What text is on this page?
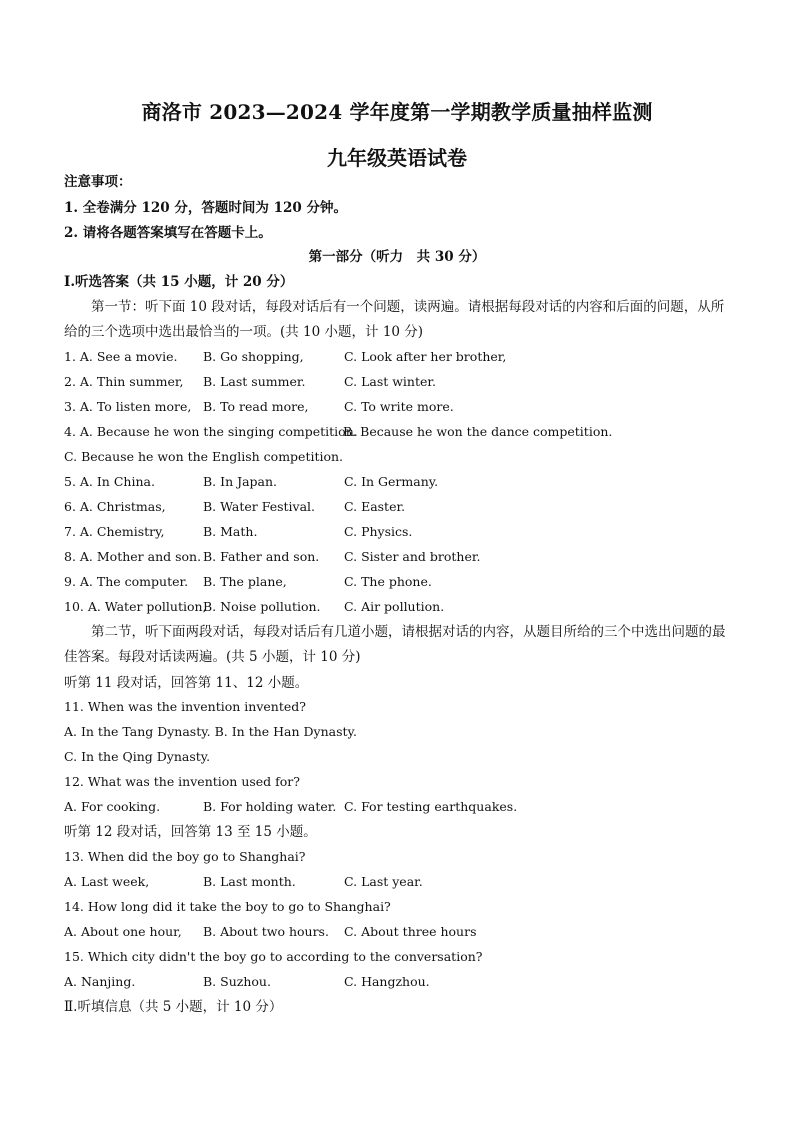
商洛市 2023—2024 学年度第一学期教学质量抽样监测
九年级英语试卷
注意事项：
1. 全卷满分 120 分，答题时间为 120 分钟。
2. 请将各题答案填写在答题卡上。
第一部分（听力　共 30 分）
Ⅰ.听选答案（共 15 小题，计 20 分）
第一节：听下面 10 段对话，每段对话后有一个问题，读两遍。请根据每段对话的内容和后面的问题，从所给的三个选项中选出最恰当的一项。(共 10 小题，计 10 分)
1. A. See a movie. B. Go shopping,	C. Look after her brother,
2. A. Thin summer, B. Last summer.	C. Last winter.
3. A. To listen more, B. To read more,	C. To write more.
4. A. Because he won the singing competition.
B. Because he won the dance competition.
C. Because he won the English competition.
5. A. In China.	B. In Japan.	C. In Germany.
6. A. Christmas,	B. Water Festival. C. Easter.
7. A. Chemistry,	B. Math.	C. Physics.
8. A. Mother and son. B. Father and son. C. Sister and brother.
9. A. The computer. B. The plane,	C. The phone.
10. A. Water pollution,
B. Noise pollution. C. Air pollution.
第二节，听下面两段对话，每段对话后有几道小题，请根据对话的内容，从题目所给的三个中选出问题的最佳答案。每段对话读两遍。(共 5 小题，计 10 分)
听第 11 段对话，回答第 11、12 小题。
11. When was the invention invented?
A. In the Tang Dynasty. B. In the Han Dynasty.
C. In the Qing Dynasty.
12. What was the invention used for?
A. For cooking.	B. For holding water. C. For testing earthquakes.
听第 12 段对话，回答第 13 至 15 小题。
13. When did the boy go to Shanghai?
A. Last week,	B. Last month.	C. Last year.
14. How long did it take the boy to go to Shanghai?
A. About one hour, B. About two hours. C. About three hours
15. Which city didn't the boy go to according to the conversation?
A. Nanjing.	B. Suzhou.	C. Hangzhou.
Ⅱ.听填信息（共 5 小题，计 10 分）
